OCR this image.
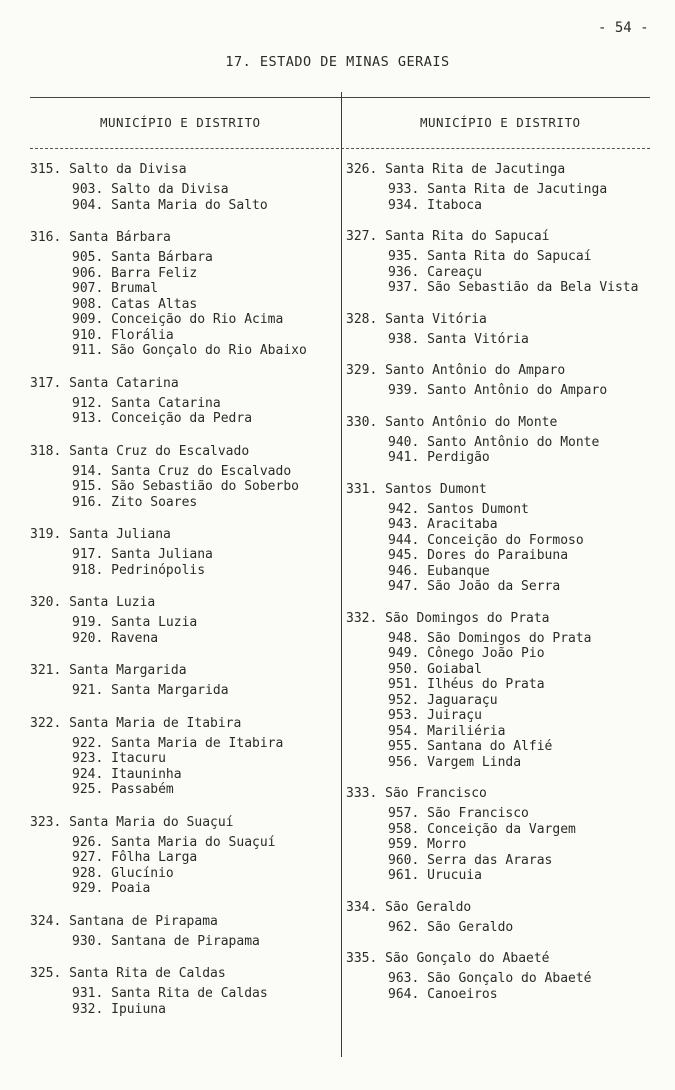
- 54 -
17. ESTADO DE MINAS GERAIS
MUNICÍPIO E DISTRITO	MUNICÍPIO E DISTRITO
315. Salto da Divisa
903. Salto da Divisa
904. Santa Maria do Salto
316. Santa Bárbara
905. Santa Bárbara
906. Barra Feliz
907. Brumal
908. Catas Altas
909. Conceição do Rio Acima
910. Florália
911. São Gonçalo do Rio Abaixo
317. Santa Catarina
912. Santa Catarina
913. Conceição da Pedra
318. Santa Cruz do Escalvado
914. Santa Cruz do Escalvado
915. São Sebastião do Soberbo
916. Zito Soares
319. Santa Juliana
917. Santa Juliana
918. Pedrinópolis
320. Santa Luzia
919. Santa Luzia
920. Ravena
321. Santa Margarida
921. Santa Margarida
322. Santa Maria de Itabira
922. Santa Maria de Itabira
923. Itacuru
924. Itauninha
925. Passabém
323. Santa Maria do Suaçuí
926. Santa Maria do Suaçuí
927. Fôlha Larga
928. Glucínio
929. Poaia
324. Santana de Pirapama
930. Santana de Pirapama
325. Santa Rita de Caldas
931. Santa Rita de Caldas
932. Ipuiuna
326. Santa Rita de Jacutinga
933. Santa Rita de Jacutinga
934. Itaboca
327. Santa Rita do Sapucaí
935. Santa Rita do Sapucaí
936. Careaçu
937. São Sebastião da Bela Vista
328. Santa Vitória
938. Santa Vitória
329. Santo Antônio do Amparo
939. Santo Antônio do Amparo
330. Santo Antônio do Monte
940. Santo Antônio do Monte
941. Perdigão
331. Santos Dumont
942. Santos Dumont
943. Aracitaba
944. Conceição do Formoso
945. Dores do Paraibuna
946. Eubanque
947. São João da Serra
332. São Domingos do Prata
948. São Domingos do Prata
949. Cônego João Pio
950. Goiabal
951. Ilhéus do Prata
952. Jaguaraçu
953. Juiraçu
954. Mariliéria
955. Santana do Alfié
956. Vargem Linda
333. São Francisco
957. São Francisco
958. Conceição da Vargem
959. Morro
960. Serra das Araras
961. Urucuia
334. São Geraldo
962. São Geraldo
335. São Gonçalo do Abaeté
963. São Gonçalo do Abaeté
964. Canoeiros
